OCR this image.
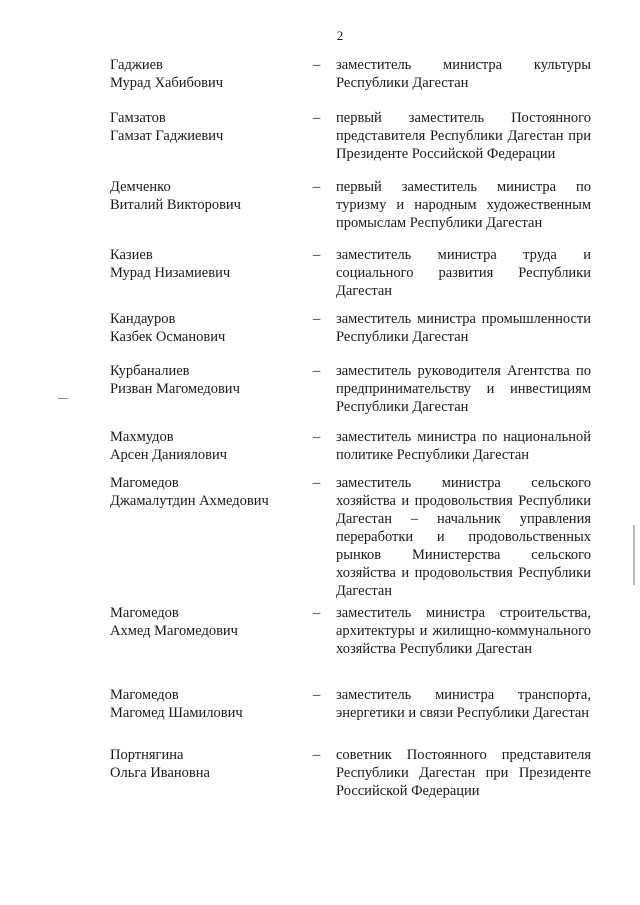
2
Гаджиев
Мурад Хабибович
– заместитель министра культуры Республики Дагестан
Гамзатов
Гамзат Гаджиевич
– первый заместитель Постоянного представителя Республики Дагестан при Президенте Российской Федерации
Демченко
Виталий Викторович
– первый заместитель министра по туризму и народным художественным промыслам Республики Дагестан
Казиев
Мурад Низамиевич
– заместитель министра труда и социального развития Республики Дагестан
Кандауров
Казбек Османович
– заместитель министра промышленности Республики Дагестан
Курбаналиев
Ризван Магомедович
– заместитель руководителя Агентства по предпринимательству и инвестициям Республики Дагестан
Махмудов
Арсен Даниялович
– заместитель министра по национальной политике Республики Дагестан
Магомедов
Джамалутдин Ахмедович
– заместитель министра сельского хозяйства и продовольствия Республики Дагестан – начальник управления переработки и продовольственных рынков Министерства сельского хозяйства и продовольствия Республики Дагестан
Магомедов
Ахмед Магомедович
– заместитель министра строительства, архитектуры и жилищно-коммунального хозяйства Республики Дагестан
Магомедов
Магомед Шамилович
– заместитель министра транспорта, энергетики и связи Республики Дагестан
Портнягина
Ольга Ивановна
– советник Постоянного представителя Республики Дагестан при Президенте Российской Федерации
